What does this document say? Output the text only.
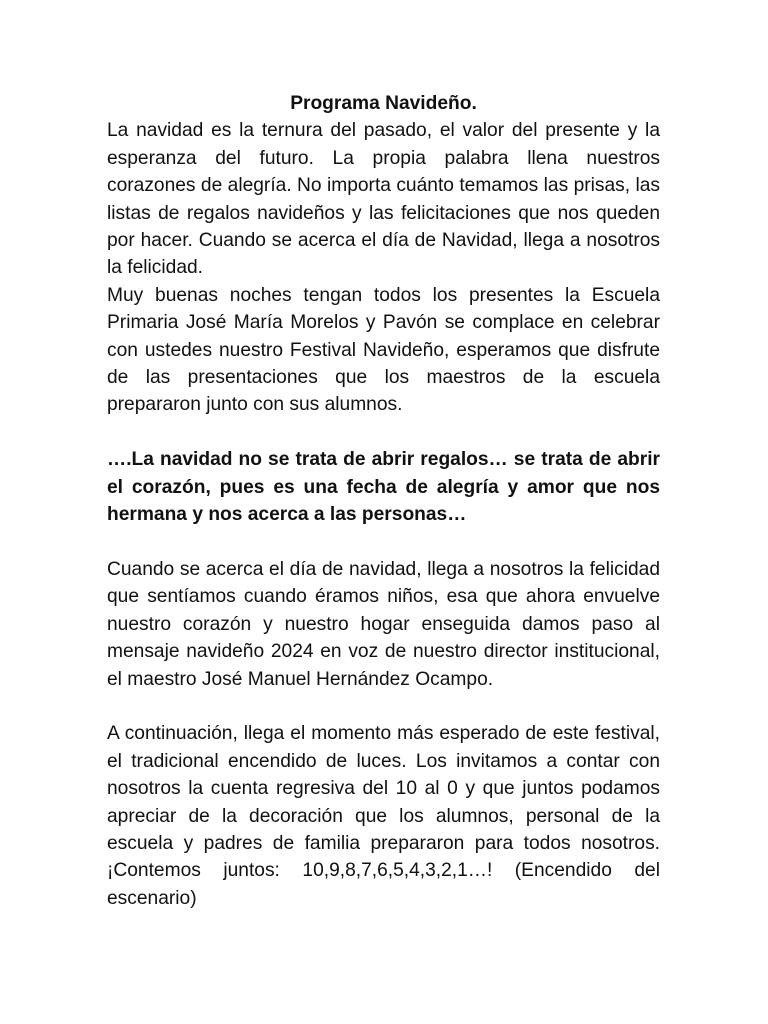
Programa Navideño.

La navidad es la ternura del pasado, el valor del presente y la esperanza del futuro. La propia palabra llena nuestros corazones de alegría. No importa cuánto temamos las prisas, las listas de regalos navideños y las felicitaciones que nos queden por hacer. Cuando se acerca el día de Navidad, llega a nosotros la felicidad.

Muy buenas noches tengan todos los presentes la Escuela Primaria José María Morelos y Pavón se complace en celebrar con ustedes nuestro Festival Navideño, esperamos que disfrute de las presentaciones que los maestros de la escuela prepararon junto con sus alumnos.

….La navidad no se trata de abrir regalos… se trata de abrir el corazón, pues es una fecha de alegría y amor que nos hermana y nos acerca a las personas…

Cuando se acerca el día de navidad, llega a nosotros la felicidad que sentíamos cuando éramos niños, esa que ahora envuelve nuestro corazón y nuestro hogar enseguida damos paso al mensaje navideño 2024 en voz de nuestro director institucional, el maestro José Manuel Hernández Ocampo.

A continuación, llega el momento más esperado de este festival, el tradicional encendido de luces. Los invitamos a contar con nosotros la cuenta regresiva del 10 al 0 y que juntos podamos apreciar de la decoración que los alumnos, personal de la escuela y padres de familia prepararon para todos nosotros. ¡Contemos juntos: 10,9,8,7,6,5,4,3,2,1…! (Encendido del escenario)
